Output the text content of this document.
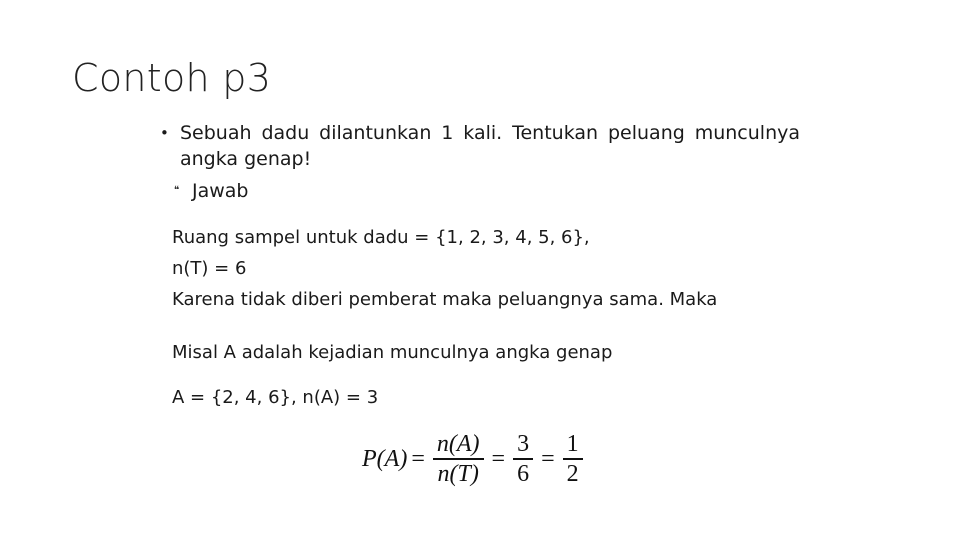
Contoh p3
• Sebuah dadu dilantunkan 1 kali. Tentukan peluang munculnya angka genap!
❝ Jawab
Ruang sampel untuk dadu = {1, 2, 3, 4, 5, 6},
n(T) = 6
Karena tidak diberi pemberat maka peluangnya sama. Maka
Misal A adalah kejadian munculnya angka genap
A = {2, 4, 6}, n(A) = 3
$P(A) = \frac{n(A)}{n(T)} = \frac{3}{6} = \frac{1}{2}$
